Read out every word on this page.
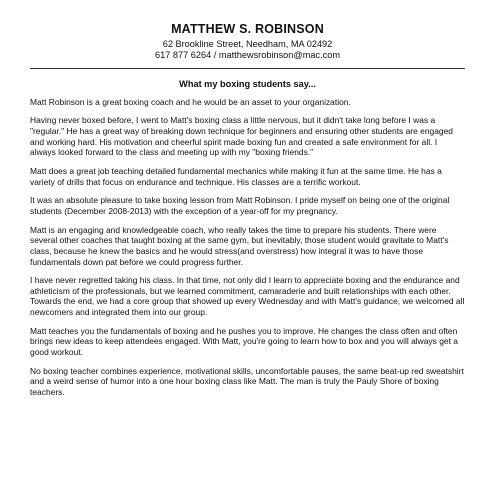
MATTHEW S. ROBINSON
62 Brookline Street, Needham, MA 02492
617 877 6264 / matthewsrobinson@mac.com
What my boxing students say...

Matt Robinson is a great boxing coach and he would be an asset to your organization.

Having never boxed before, I went to Matt's boxing class a little nervous, but it didn't take long before I was a "regular." He has a great way of breaking down technique for beginners and ensuring other students are engaged and working hard. His motivation and cheerful spirit made boxing fun and created a safe environment for all. I always looked forward to the class and meeting up with my "boxing friends."

Matt does a great job teaching detailed fundamental mechanics while making it fun at the same time. He has a variety of drills that focus on endurance and technique. His classes are a terrific workout.

It was an absolute pleasure to take boxing lesson from Matt Robinson. I pride myself on being one of the original students (December 2008-2013) with the exception of a year-off for my pregnancy.

Matt is an engaging and knowledgeable coach, who really takes the time to prepare his students. There were several other coaches that taught boxing at the same gym, but inevitably, those student would gravitate to Matt's class, because he knew the basics and he would stress(and overstress) how integral it was to have those fundamentals down pat before we could progress further.

I have never regretted taking his class. In that time, not only did I learn to appreciate boxing and the endurance and athleticism of the professionals, but we learned commitment, camaraderie and built relationships with each other. Towards the end, we had a core group that showed up every Wednesday and with Matt's guidance, we welcomed all newcomers and integrated them into our group.

Matt teaches you the fundamentals of boxing and he pushes you to improve. He changes the class often and often brings new ideas to keep attendees engaged. With Matt, you're going to learn how to box and you will always get a good workout.

No boxing teacher combines experience, motivational skills, uncomfortable pauses, the same beat-up red sweatshirt and a weird sense of humor into a one hour boxing class like Matt. The man is truly the Pauly Shore of boxing teachers.
